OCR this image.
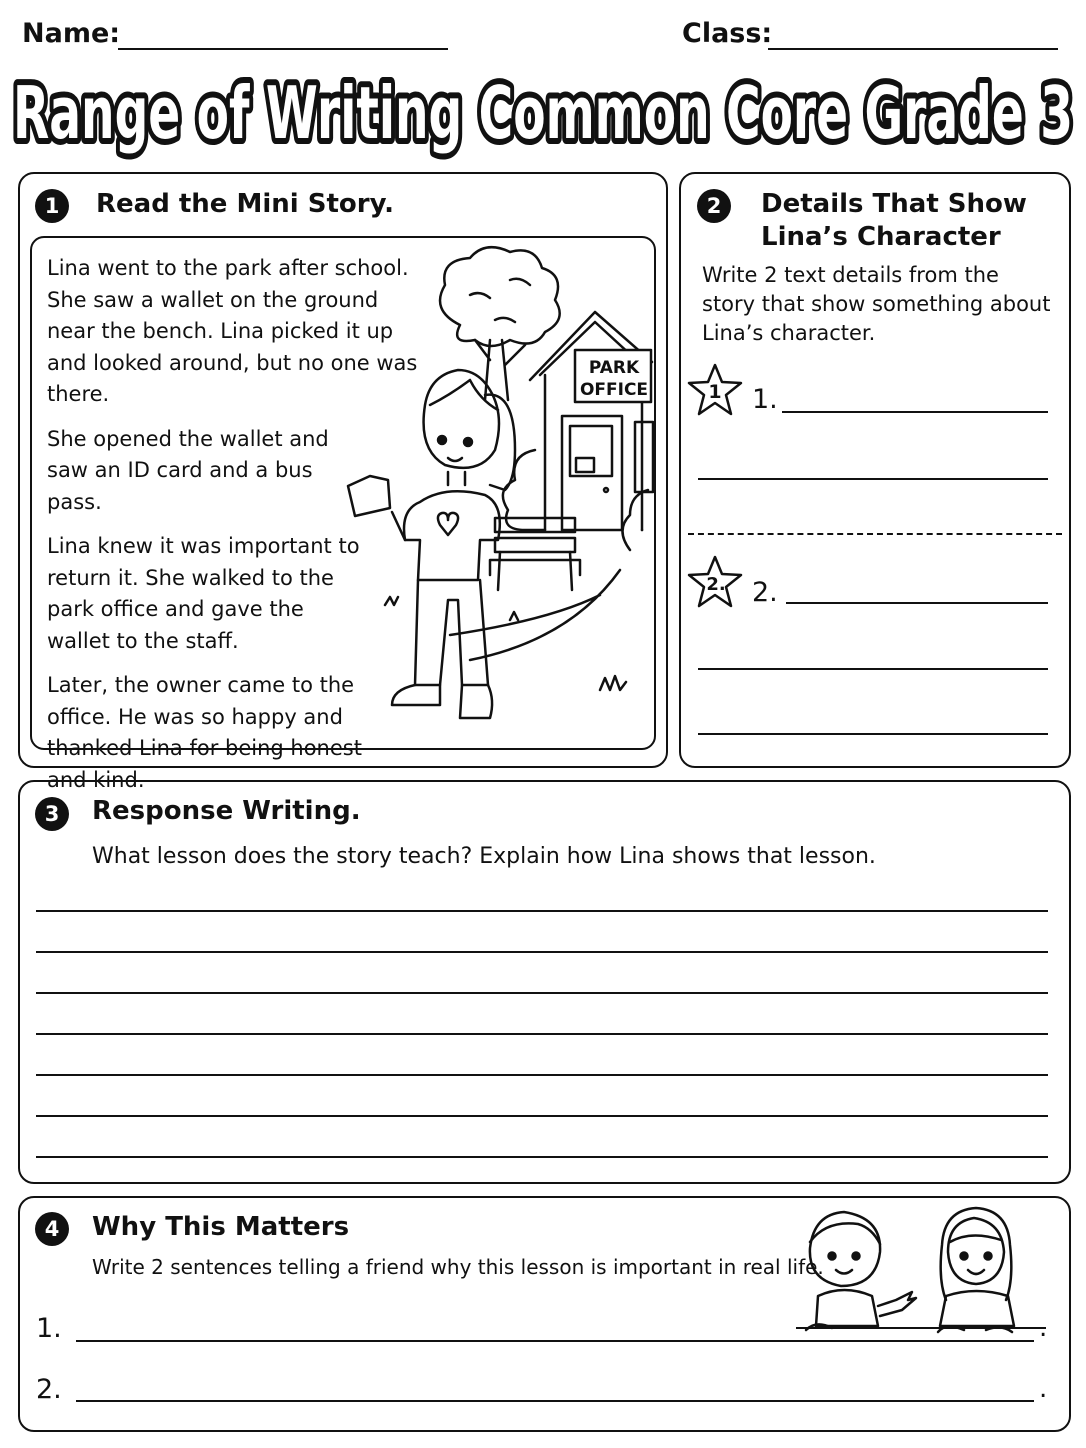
Name:	Class:
Range of Writing Common Core Grade 3
1	Read the Mini Story.

Lina went to the park after school. She saw a wallet on the ground near the bench. Lina picked it up and looked around, but no one was there.

She opened the wallet and saw an ID card and a bus pass.

Lina knew it was important to return it. She walked to the park office and gave the wallet to the staff.

Later, the owner came to the office. He was so happy and thanked Lina for being honest and kind.

PARK
OFFICE
2	Details That Show
Lina’s Character
Write 2 text details from the story that show something about Lina’s character.
1 1.
2. 2.
3	Response Writing.
What lesson does the story teach? Explain how Lina shows that lesson.
4	Why This Matters
Write 2 sentences telling a friend why this lesson is important in real life.
1.	.
2.	.
